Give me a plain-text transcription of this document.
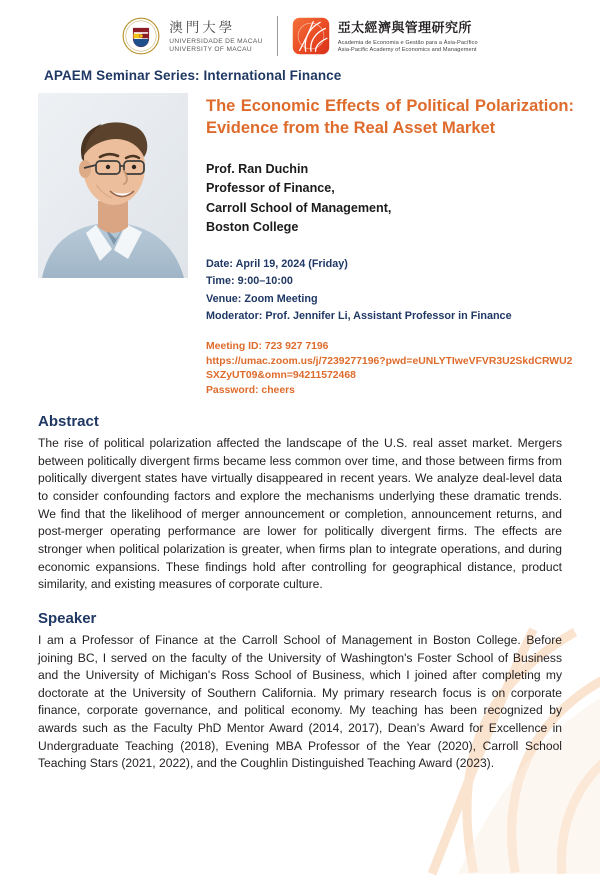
澳門大學
UNIVERSIDADE DE MACAU
UNIVERSITY OF MACAU
亞太經濟與管理研究所
Academia de Economia e Gestão para a Ásia-Pacífico
Asia-Pacific Academy of Economics and Management
APAEM Seminar Series: International Finance
The Economic Effects of Political Polarization: Evidence from the Real Asset Market
Prof. Ran Duchin
Professor of Finance,
Carroll School of Management,
Boston College
Date: April 19, 2024 (Friday)
Time: 9:00–10:00
Venue: Zoom Meeting
Moderator: Prof. Jennifer Li, Assistant Professor in Finance
Meeting ID: 723 927 7196
https://umac.zoom.us/j/7239277196?pwd=eUNLYTIweVFVR3U2SkdCRWU2SXZyUT09&omn=94211572468
Password: cheers
Abstract

The rise of political polarization affected the landscape of the U.S. real asset market. Mergers between politically divergent firms became less common over time, and those between firms from politically divergent states have virtually disappeared in recent years. We analyze deal-level data to consider confounding factors and explore the mechanisms underlying these dramatic trends. We find that the likelihood of merger announcement or completion, announcement returns, and post-merger operating performance are lower for politically divergent firms. The effects are stronger when political polarization is greater, when firms plan to integrate operations, and during economic expansions. These findings hold after controlling for geographical distance, product similarity, and existing measures of corporate culture.

Speaker

I am a Professor of Finance at the Carroll School of Management in Boston College. Before joining BC, I served on the faculty of the University of Washington's Foster School of Business and the University of Michigan's Ross School of Business, which I joined after completing my doctorate at the University of Southern California. My primary research focus is on corporate finance, corporate governance, and political economy. My teaching has been recognized by awards such as the Faculty PhD Mentor Award (2014, 2017), Dean’s Award for Excellence in Undergraduate Teaching (2018), Evening MBA Professor of the Year (2020), Carroll School Teaching Stars (2021, 2022), and the Coughlin Distinguished Teaching Award (2023).
